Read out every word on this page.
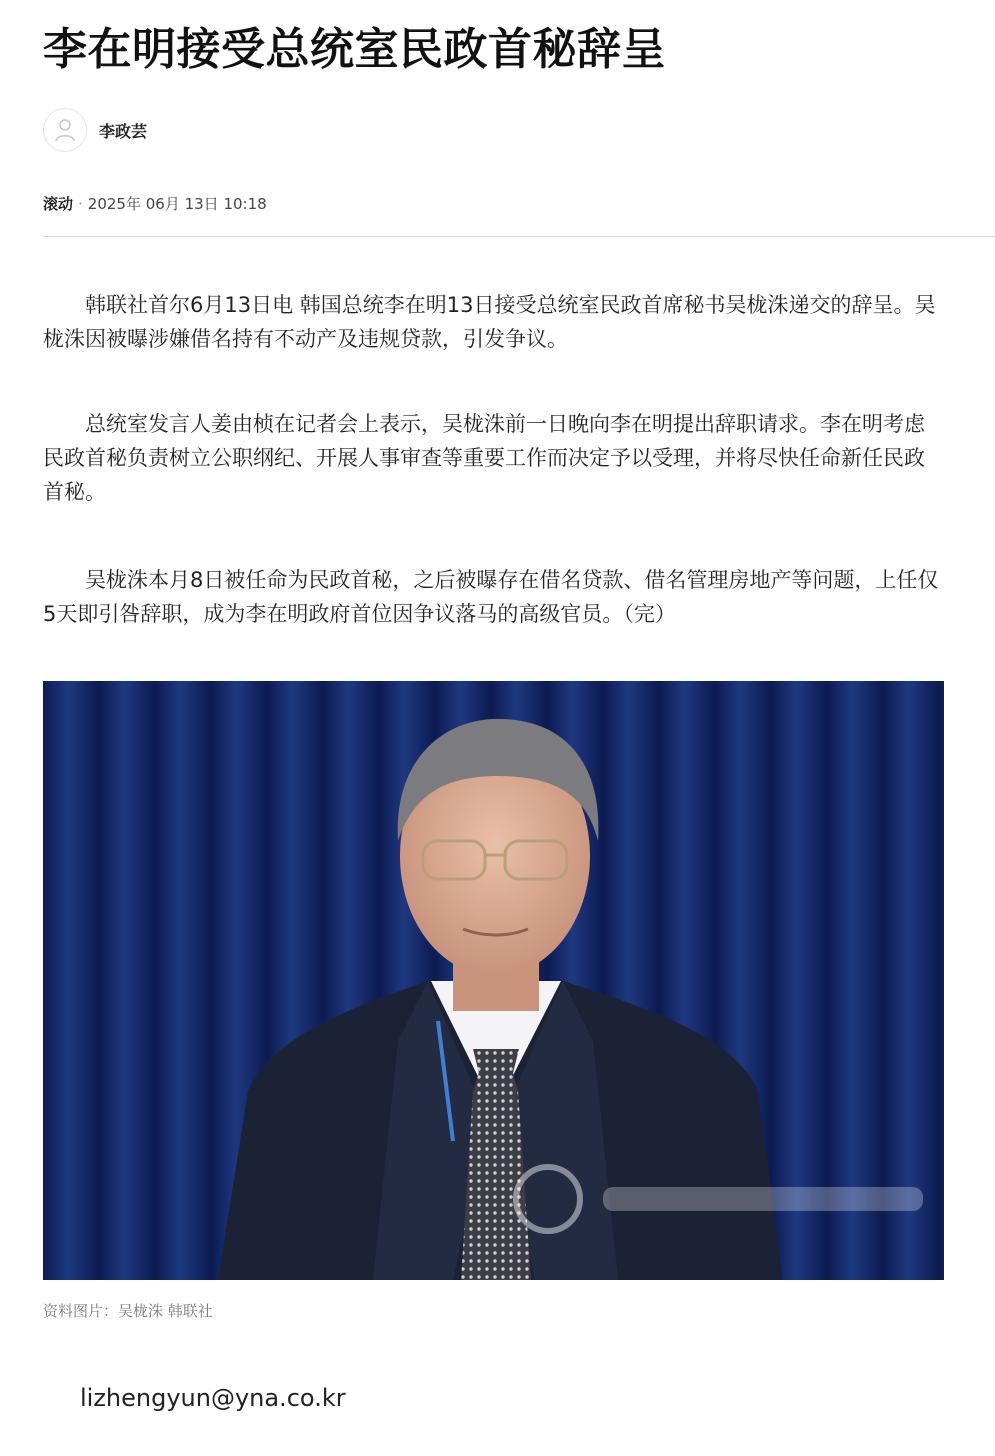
李在明接受总统室民政首秘辞呈
李政芸
滚动 · 2025年 06月 13日 10:18

韩联社首尔6月13日电 韩国总统李在明13日接受总统室民政首席秘书吴栊洙递交的辞呈。吴栊洙因被曝涉嫌借名持有不动产及违规贷款，引发争议。

总统室发言人姜由桢在记者会上表示，吴栊洙前一日晚向李在明提出辞职请求。李在明考虑民政首秘负责树立公职纲纪、开展人事审查等重要工作而决定予以受理，并将尽快任命新任民政首秘。

吴栊洙本月8日被任命为民政首秘，之后被曝存在借名贷款、借名管理房地产等问题，上任仅5天即引咎辞职，成为李在明政府首位因争议落马的高级官员。（完）

资料图片：吴栊洙 韩联社
lizhengyun@yna.co.kr
